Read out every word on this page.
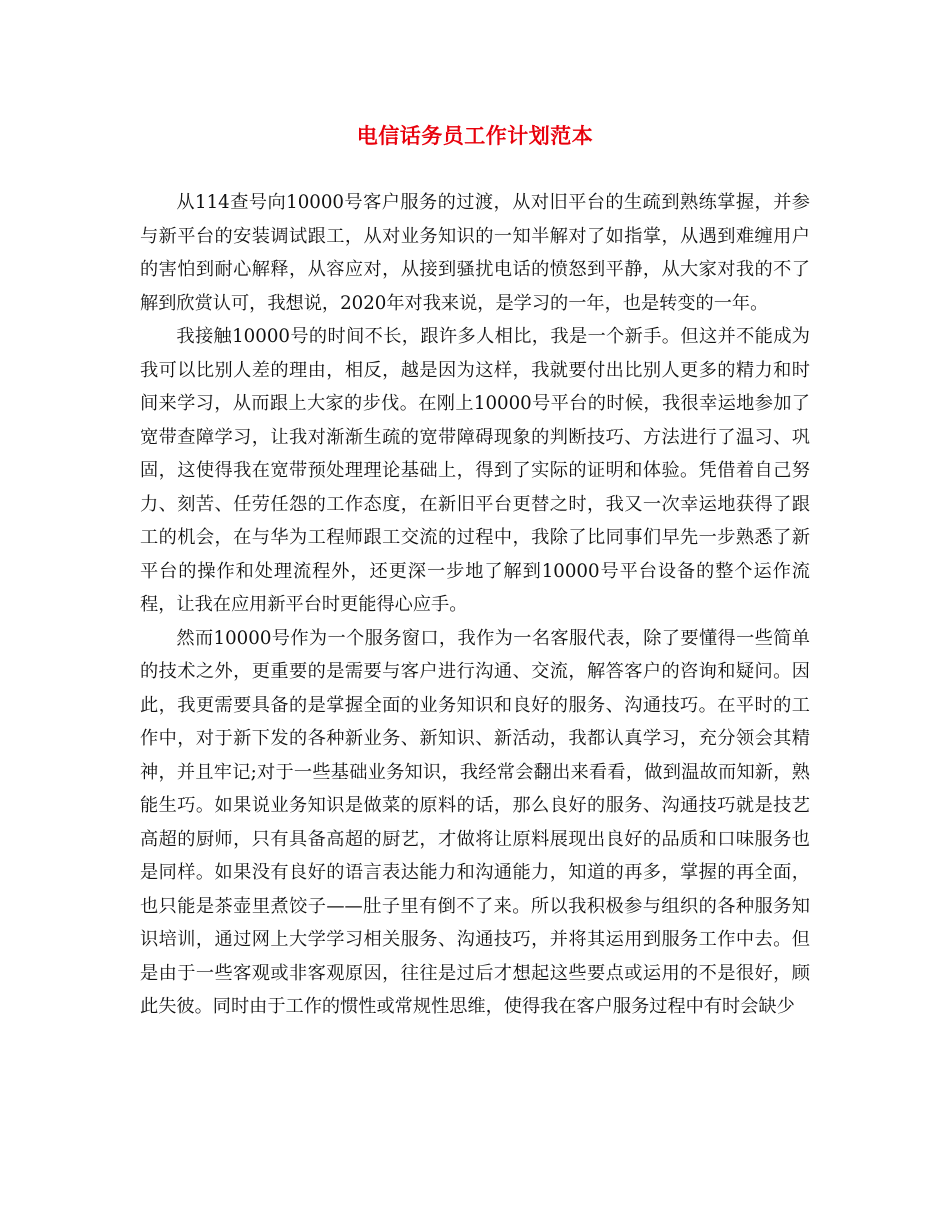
电信话务员工作计划范本

从114查号向10000号客户服务的过渡，从对旧平台的生疏到熟练掌握，并参与新平台的安装调试跟工，从对业务知识的一知半解对了如指掌，从遇到难缠用户的害怕到耐心解释，从容应对，从接到骚扰电话的愤怒到平静，从大家对我的不了解到欣赏认可，我想说，2020年对我来说，是学习的一年，也是转变的一年。

我接触10000号的时间不长，跟许多人相比，我是一个新手。但这并不能成为我可以比别人差的理由，相反，越是因为这样，我就要付出比别人更多的精力和时间来学习，从而跟上大家的步伐。在刚上10000号平台的时候，我很幸运地参加了宽带查障学习，让我对渐渐生疏的宽带障碍现象的判断技巧、方法进行了温习、巩固，这使得我在宽带预处理理论基础上，得到了实际的证明和体验。凭借着自己努力、刻苦、任劳任怨的工作态度，在新旧平台更替之时，我又一次幸运地获得了跟工的机会，在与华为工程师跟工交流的过程中，我除了比同事们早先一步熟悉了新平台的操作和处理流程外，还更深一步地了解到10000号平台设备的整个运作流程，让我在应用新平台时更能得心应手。

然而10000号作为一个服务窗口，我作为一名客服代表，除了要懂得一些简单的技术之外，更重要的是需要与客户进行沟通、交流，解答客户的咨询和疑问。因此，我更需要具备的是掌握全面的业务知识和良好的服务、沟通技巧。在平时的工作中，对于新下发的各种新业务、新知识、新活动，我都认真学习，充分领会其精神，并且牢记;对于一些基础业务知识，我经常会翻出来看看，做到温故而知新，熟能生巧。如果说业务知识是做菜的原料的话，那么良好的服务、沟通技巧就是技艺高超的厨师，只有具备高超的厨艺，才做将让原料展现出良好的品质和口味服务也是同样。如果没有良好的语言表达能力和沟通能力，知道的再多，掌握的再全面，也只能是茶壶里煮饺子——肚子里有倒不了来。所以我积极参与组织的各种服务知识培训，通过网上大学学习相关服务、沟通技巧，并将其运用到服务工作中去。但是由于一些客观或非客观原因，往往是过后才想起这些要点或运用的不是很好，顾此失彼。同时由于工作的惯性或常规性思维，使得我在客户服务过程中有时会缺少
